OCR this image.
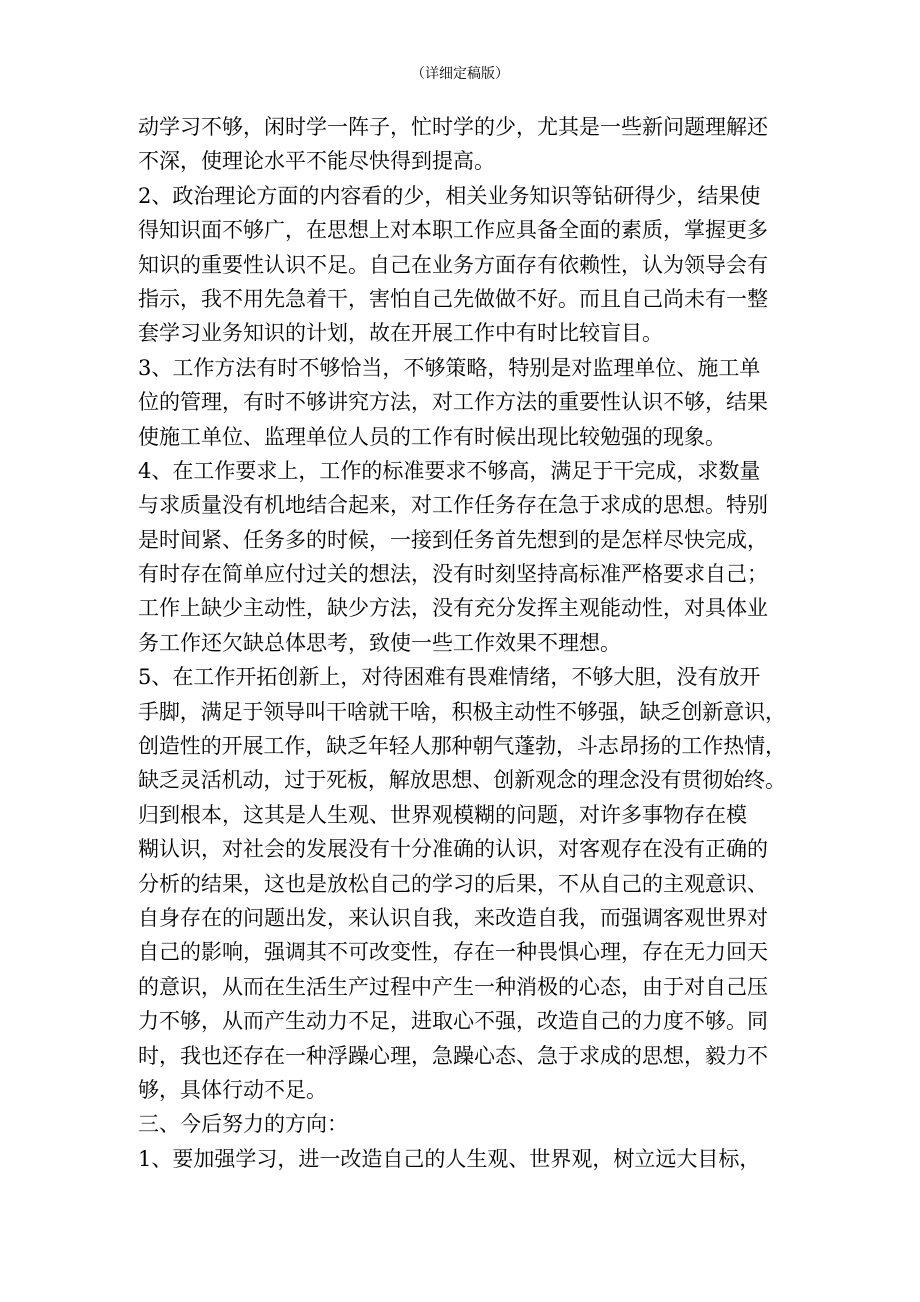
（详细定稿版）
动学习不够，闲时学一阵子，忙时学的少，尤其是一些新问题理解还
不深，使理论水平不能尽快得到提高。
2、政治理论方面的内容看的少，相关业务知识等钻研得少，结果使
得知识面不够广，在思想上对本职工作应具备全面的素质，掌握更多
知识的重要性认识不足。自己在业务方面存有依赖性，认为领导会有
指示，我不用先急着干，害怕自己先做做不好。而且自己尚未有一整
套学习业务知识的计划，故在开展工作中有时比较盲目。
3、工作方法有时不够恰当，不够策略，特别是对监理单位、施工单
位的管理，有时不够讲究方法，对工作方法的重要性认识不够，结果
使施工单位、监理单位人员的工作有时候出现比较勉强的现象。
4、在工作要求上，工作的标准要求不够高，满足于干完成，求数量
与求质量没有机地结合起来，对工作任务存在急于求成的思想。特别
是时间紧、任务多的时候，一接到任务首先想到的是怎样尽快完成，
有时存在简单应付过关的想法，没有时刻坚持高标准严格要求自己；
工作上缺少主动性，缺少方法，没有充分发挥主观能动性，对具体业
务工作还欠缺总体思考，致使一些工作效果不理想。
5、在工作开拓创新上，对待困难有畏难情绪，不够大胆，没有放开
手脚，满足于领导叫干啥就干啥，积极主动性不够强，缺乏创新意识，
创造性的开展工作，缺乏年轻人那种朝气蓬勃，斗志昂扬的工作热情，
缺乏灵活机动，过于死板，解放思想、创新观念的理念没有贯彻始终。
归到根本，这其是人生观、世界观模糊的问题，对许多事物存在模
糊认识，对社会的发展没有十分准确的认识，对客观存在没有正确的
分析的结果，这也是放松自己的学习的后果，不从自己的主观意识、
自身存在的问题出发，来认识自我，来改造自我，而强调客观世界对
自己的影响，强调其不可改变性，存在一种畏惧心理，存在无力回天
的意识，从而在生活生产过程中产生一种消极的心态，由于对自己压
力不够，从而产生动力不足，进取心不强，改造自己的力度不够。同
时，我也还存在一种浮躁心理，急躁心态、急于求成的思想，毅力不
够，具体行动不足。
三、今后努力的方向：
1、要加强学习，进一改造自己的人生观、世界观，树立远大目标，
